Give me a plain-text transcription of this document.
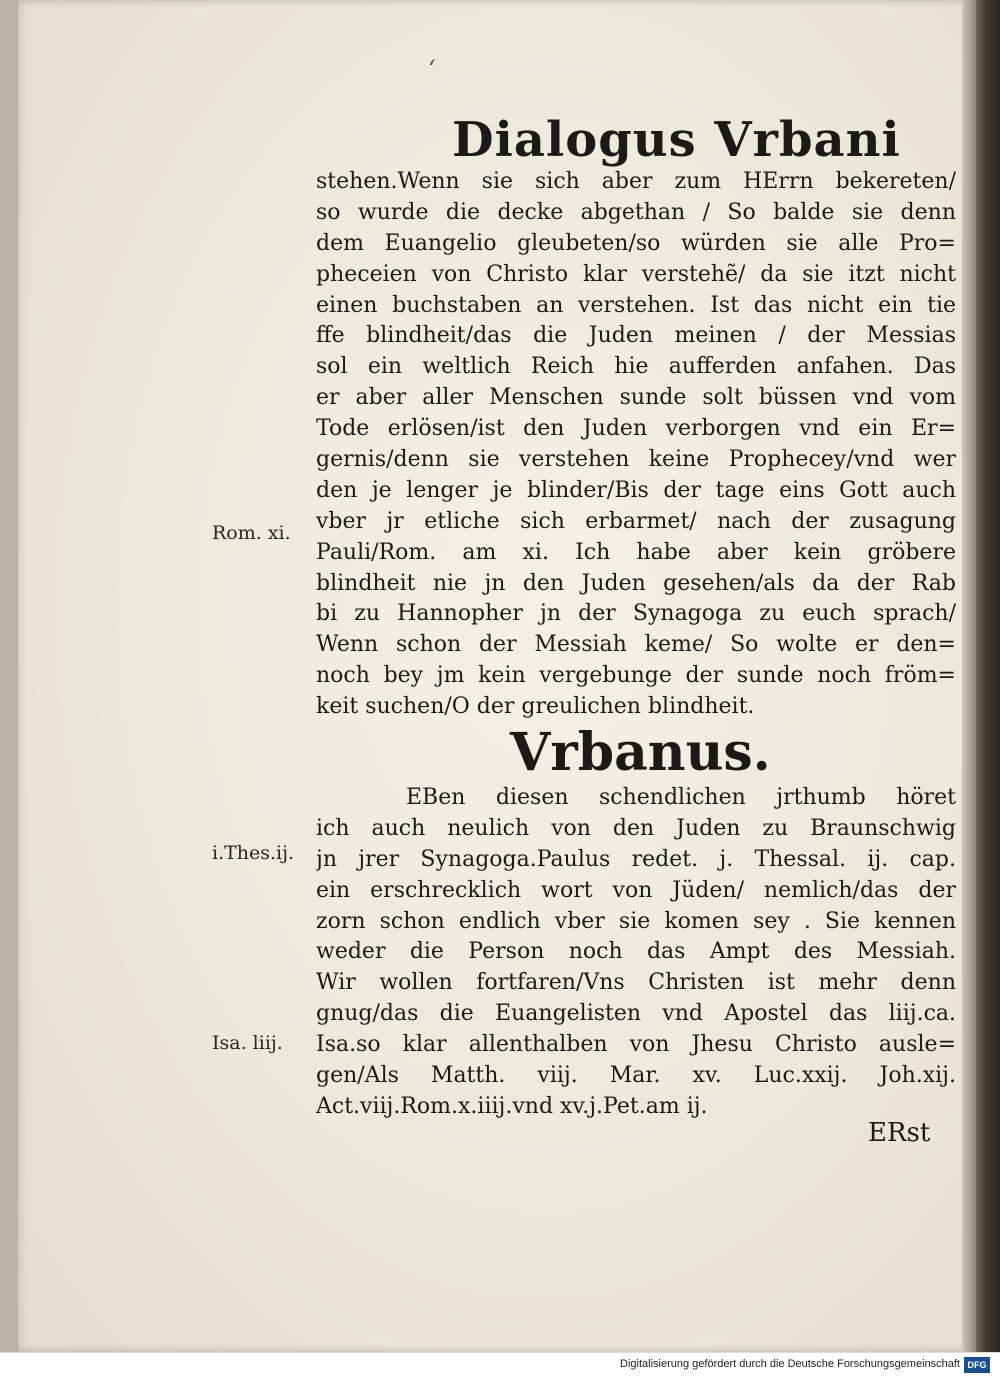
‘
Dialogus Vrbani
stehen.Wenn sie sich aber zum HErrn bekereten/
so wurde die decke abgethan / So balde sie denn
dem Euangelio gleubeten/so würden sie alle Pro=
pheceien von Christo klar verstehẽ/ da sie itzt nicht
einen buchstaben an verstehen. Ist das nicht ein tie
ffe blindheit/das die Juden meinen / der Messias
sol ein weltlich Reich hie aufferden anfahen. Das
er aber aller Menschen sunde solt büssen vnd vom
Tode erlösen/ist den Juden verborgen vnd ein Er=
gernis/denn sie verstehen keine Prophecey/vnd wer
den je lenger je blinder/Bis der tage eins Gott auch
vber jr etliche sich erbarmet/ nach der zusagung
Pauli/Rom. am xi. Ich habe aber kein gröbere
blindheit nie jn den Juden gesehen/als da der Rab
bi zu Hannopher jn der Synagoga zu euch sprach/
Wenn schon der Messiah keme/ So wolte er den=
noch bey jm kein vergebunge der sunde noch fröm=
keit suchen/O der greulichen blindheit.
Rom. xi.
Vrbanus.
EBen diesen schendlichen jrthumb höret
ich auch neulich von den Juden zu Braunschwig
jn jrer Synagoga.Paulus redet. j. Thessal. ij. cap.
ein erschrecklich wort von Jüden/ nemlich/das der
zorn schon endlich vber sie komen sey . Sie kennen
weder die Person noch das Ampt des Messiah.
Wir wollen fortfaren/Vns Christen ist mehr denn
gnug/das die Euangelisten vnd Apostel das liij.ca.
Isa.so klar allenthalben von Jhesu Christo ausle=
gen/Als Matth. viij. Mar. xv. Luc.xxij. Joh.xij.
Act.viij.Rom.x.iiij.vnd xv.j.Pet.am ij.
i.Thes.ij.
Isa. liij.
ERst
Digitalisierung gefördert durch die Deutsche Forschungsgemeinschaft DFG
